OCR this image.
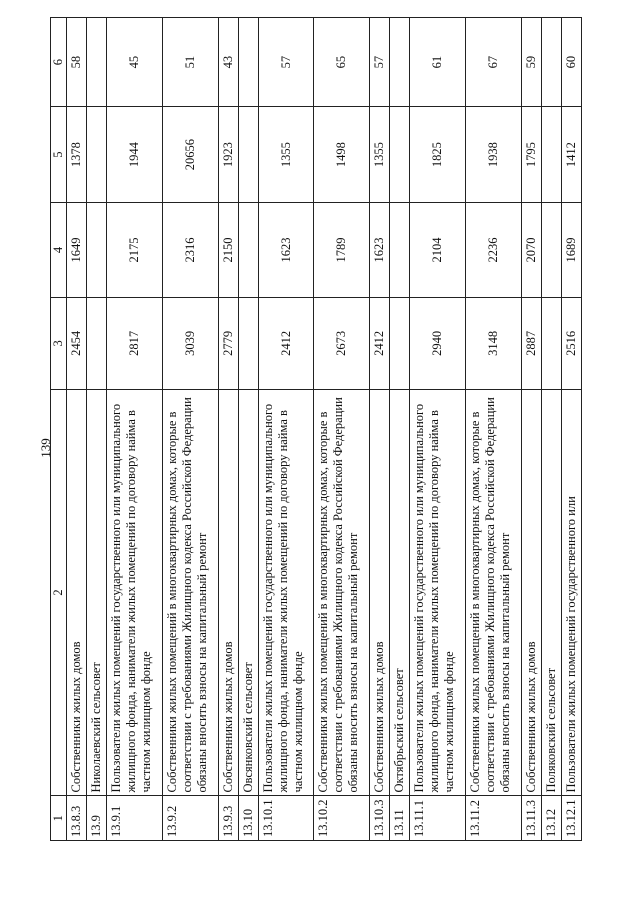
139
1	2	3	4	5	6
13.8.3	Собственники жилых домов	2454	1649	1378	58
13.9	Николаевский сельсовет				
13.9.1	Пользователи жилых помещений государственного или муниципального жилищного фонда, наниматели жилых помещений по договору найма в частном жилищном фонде	2817	2175	1944	45
13.9.2	Собственники жилых помещений в многоквартирных домах, которые в соответствии с требованиями Жилищного кодекса Российской Федерации обязаны вносить взносы на капитальный ремонт	3039	2316	20656	51
13.9.3	Собственники жилых домов	2779	2150	1923	43
13.10	Овсянковский сельсовет				
13.10.1	Пользователи жилых помещений государственного или муниципального жилищного фонда, наниматели жилых помещений по договору найма в частном жилищном фонде	2412	1623	1355	57
13.10.2	Собственники жилых помещений в многоквартирных домах, которые в соответствии с требованиями Жилищного кодекса Российской Федерации обязаны вносить взносы на капитальный ремонт	2673	1789	1498	65
13.10.3	Собственники жилых домов	2412	1623	1355	57
13.11	Октябрьский сельсовет				
13.11.1	Пользователи жилых помещений государственного или муниципального жилищного фонда, наниматели жилых помещений по договору найма в частном жилищном фонде	2940	2104	1825	61
13.11.2	Собственники жилых помещений в многоквартирных домах, которые в соответствии с требованиями Жилищного кодекса Российской Федерации обязаны вносить взносы на капитальный ремонт	3148	2236	1938	67
13.11.3	Собственники жилых домов	2887	2070	1795	59
13.12	Поляковский сельсовет				
13.12.1	Пользователи жилых помещений государственного или	2516	1689	1412	60
